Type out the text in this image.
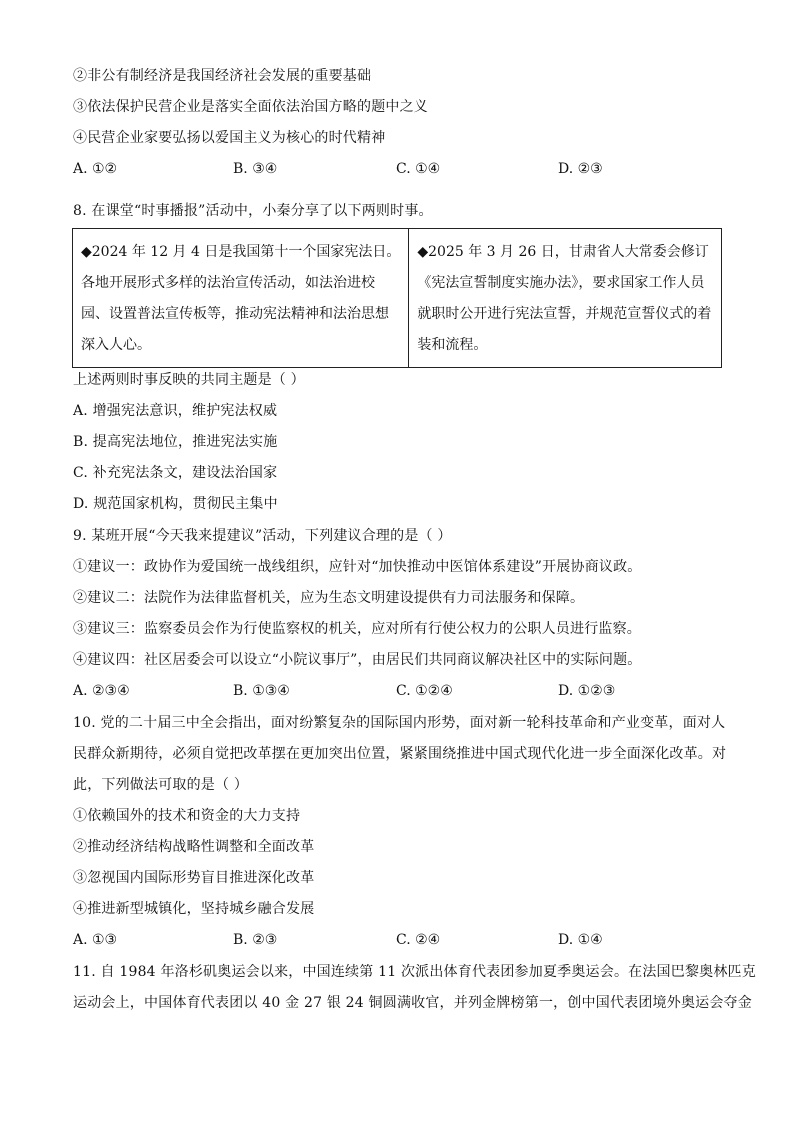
②非公有制经济是我国经济社会发展的重要基础
③依法保护民营企业是落实全面依法治国方略的题中之义
④民营企业家要弘扬以爱国主义为核心的时代精神
A. ①②	B. ③④	C. ①④	D. ②③
8. 在课堂“时事播报”活动中，小秦分享了以下两则时事。
◆2024 年 12 月 4 日是我国第十一个国家宪法日。
各地开展形式多样的法治宣传活动，如法治进校
园、设置普法宣传板等，推动宪法精神和法治思想
深入人心。

◆2025 年 3 月 26 日，甘肃省人大常委会修订
《宪法宣誓制度实施办法》，要求国家工作人员
就职时公开进行宪法宣誓，并规范宣誓仪式的着
装和流程。
上述两则时事反映的共同主题是（ ）
A. 增强宪法意识，维护宪法权威
B. 提高宪法地位，推进宪法实施
C. 补充宪法条文，建设法治国家
D. 规范国家机构，贯彻民主集中
9. 某班开展“今天我来提建议”活动，下列建议合理的是（ ）
①建议一：政协作为爱国统一战线组织，应针对“加快推动中医馆体系建设”开展协商议政。
②建议二：法院作为法律监督机关，应为生态文明建设提供有力司法服务和保障。
③建议三：监察委员会作为行使监察权的机关，应对所有行使公权力的公职人员进行监察。
④建议四：社区居委会可以设立“小院议事厅”，由居民们共同商议解决社区中的实际问题。
A. ②③④	B. ①③④	C. ①②④	D. ①②③
10. 党的二十届三中全会指出，面对纷繁复杂的国际国内形势，面对新一轮科技革命和产业变革，面对人
民群众新期待，必须自觉把改革摆在更加突出位置，紧紧围绕推进中国式现代化进一步全面深化改革。对
此，下列做法可取的是（ ）
①依赖国外的技术和资金的大力支持
②推动经济结构战略性调整和全面改革
③忽视国内国际形势盲目推进深化改革
④推进新型城镇化，坚持城乡融合发展
A. ①③	B. ②③	C. ②④	D. ①④
11. 自 1984 年洛杉矶奥运会以来，中国连续第 11 次派出体育代表团参加夏季奥运会。在法国巴黎奥林匹克
运动会上，中国体育代表团以 40 金 27 银 24 铜圆满收官，并列金牌榜第一，创中国代表团境外奥运会夺金
